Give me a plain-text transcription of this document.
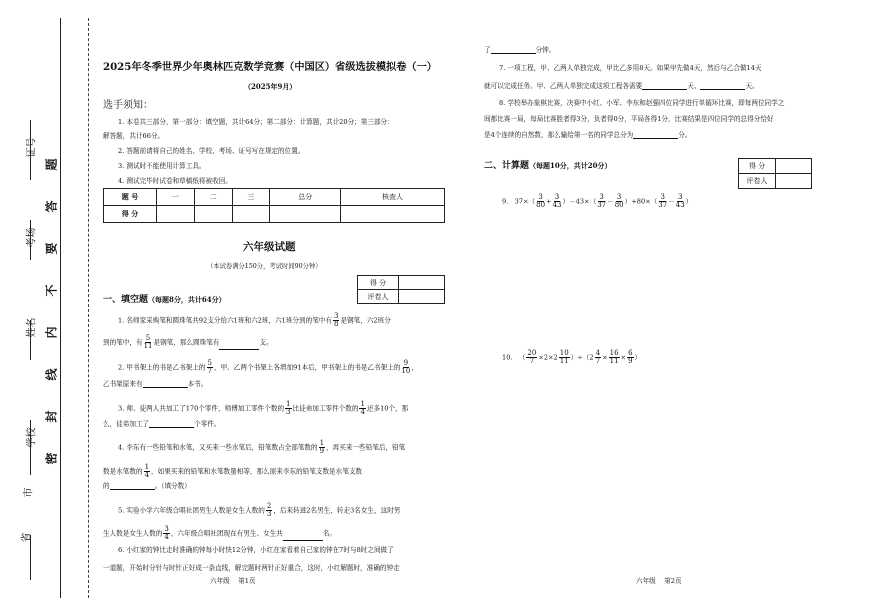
省
市
学校
姓名
考场
证号
密
封
线
内
不
要
答
题
2025年冬季世界少年奥林匹克数学竞赛（中国区）省级选拔模拟卷（一）
（2025年9月）
选手须知：
1. 本卷共三部分，第一部分：填空题，共计64分；第二部分：计算题，共计20分；第三部分：
解答题，共计66分。
2. 答题前请将自己的姓名、学校、考场、证号写在规定的位置。
3. 测试时不能使用计算工具。
4. 测试完毕时试卷和草稿纸将被收回。
题 号	一	二	三	总分	核查人
得 分					
六年级试题
（本试卷满分150分，考试时间90分钟）
得 分	
评卷人	
一、填空题（每题8分，共计64分）
1. 名师家采购笔和圆珠笔共92支分给六1班和六2班，六1班分到的笔中有 $\frac{3}{8}$ 是钢笔，六2班分
到的笔中，有 $\frac{5}{11}$ 是钢笔，那么圆珠笔有	支。
2. 甲书架上的书是乙书架上的 $\frac{5}{7}$ ，甲、乙两个书架上各增加91本后，甲书架上的书是乙书架上的 $\frac{9}{10}$ ，
乙书架原来有	本书。
3. 师、徒两人共加工了170个零件，师傅加工零件个数的 $\frac{1}{3}$ 比徒弟加工零件个数的 $\frac{1}{4}$ 还多10个，那
么，徒弟加工了	个零件。
4. 李东有一些铅笔和水笔，又买来一些水笔后，铅笔数占全部笔数的 $\frac{1}{9}$ ，再买来一些铅笔后，铅笔
数是水笔数的 $\frac{1}{4}$ ，如果买来的铅笔和水笔数量相等，那么原来李东的铅笔支数是水笔支数
的	。（填分数）
5. 实验小学六年级合唱社团男生人数是女生人数的 $\frac{2}{3}$ ，后来转进2名男生，转走3名女生，这时男
生人数是女生人数的 $\frac{3}{4}$ ，六年级合唱社团现在有男生、女生共	名。
6. 小红家的钟比走时准确的钟每小时快12分钟，小红在家看着自己家的钟在7时与8时之间做了
一道题，开始时分针与时针正好成一条直线，解完题时两针正好重合，这时，小红解题时，准确的钟走
六年级 第1页
了	分钟。
7. 一项工程，甲、乙两人单独完成，甲比乙多用8天。如果甲先做4天，然后与乙合做14天
就可以完成任务。甲、乙两人单独完成这项工程各需要	天、	天。
8. 学校举办象棋比赛，决赛中小红、小军、李东和赵强四位同学进行单循环比赛，即每两位同学之
间都比赛一局，每局比赛胜者得3分，负者得0分，平局各得1分，比赛结果是四位同学的总得分恰好
是4个连续的自然数，那么输给第一名的同学总分为	分。
二、计算题（每题10分，共计20分）	得 分	
评卷人	
9. $37\times( \frac{3}{80} + \frac{3}{43} )-43\times( \frac{3}{37} - \frac{3}{80} )+80\times( \frac{3}{37} - \frac{3}{43}$ ）
10. （ $\frac{20}{7} \times 2\times 2 \frac{10}{11} )\div(2 \frac{4}{7} \times \frac{16}{11} \times \frac{6}{9}$ ）
六年级 第2页
